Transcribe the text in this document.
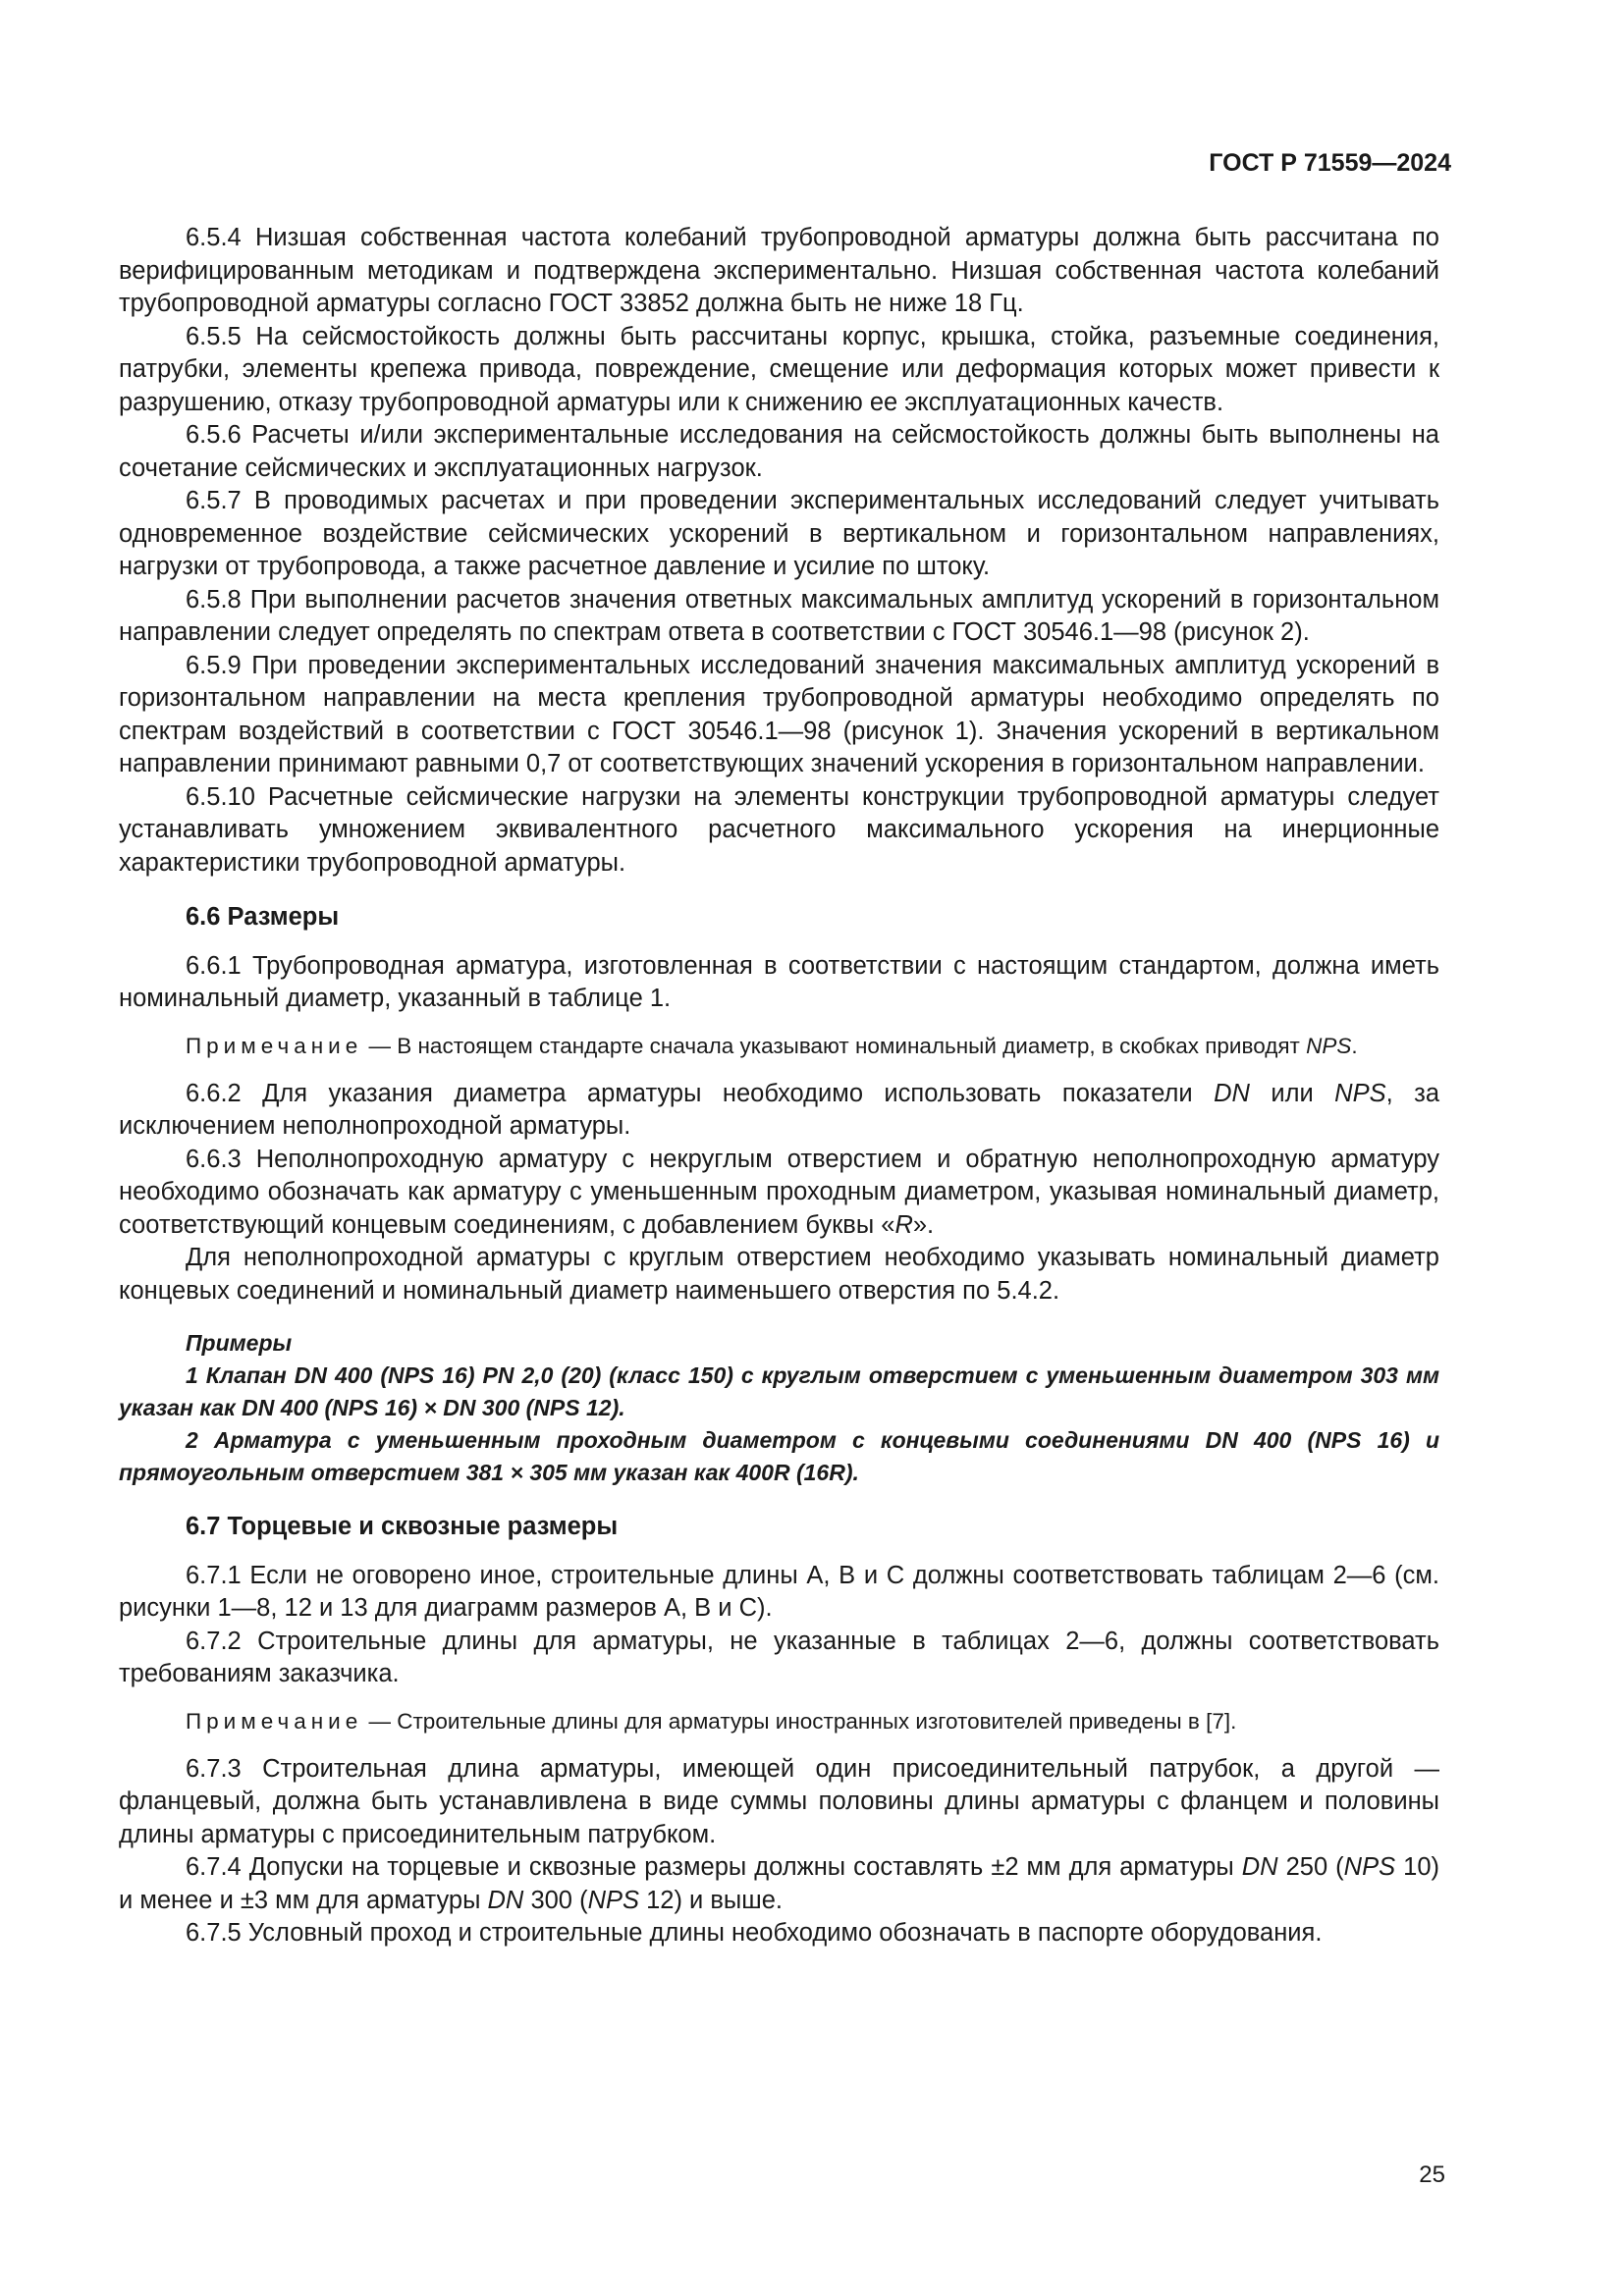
ГОСТ Р 71559—2024

6.5.4 Низшая собственная частота колебаний трубопроводной арматуры должна быть рассчитана по верифицированным методикам и подтверждена экспериментально. Низшая собственная частота колебаний трубопроводной арматуры согласно ГОСТ 33852 должна быть не ниже 18 Гц.

6.5.5 На сейсмостойкость должны быть рассчитаны корпус, крышка, стойка, разъемные соединения, патрубки, элементы крепежа привода, повреждение, смещение или деформация которых может привести к разрушению, отказу трубопроводной арматуры или к снижению ее эксплуатационных качеств.

6.5.6 Расчеты и/или экспериментальные исследования на сейсмостойкость должны быть выполнены на сочетание сейсмических и эксплуатационных нагрузок.

6.5.7 В проводимых расчетах и при проведении экспериментальных исследований следует учитывать одновременное воздействие сейсмических ускорений в вертикальном и горизонтальном направлениях, нагрузки от трубопровода, а также расчетное давление и усилие по штоку.

6.5.8 При выполнении расчетов значения ответных максимальных амплитуд ускорений в горизонтальном направлении следует определять по спектрам ответа в соответствии с ГОСТ 30546.1—98 (рисунок 2).

6.5.9 При проведении экспериментальных исследований значения максимальных амплитуд ускорений в горизонтальном направлении на места крепления трубопроводной арматуры необходимо определять по спектрам воздействий в соответствии с ГОСТ 30546.1—98 (рисунок 1). Значения ускорений в вертикальном направлении принимают равными 0,7 от соответствующих значений ускорения в горизонтальном направлении.

6.5.10 Расчетные сейсмические нагрузки на элементы конструкции трубопроводной арматуры следует устанавливать умножением эквивалентного расчетного максимального ускорения на инерционные характеристики трубопроводной арматуры.

6.6 Размеры

6.6.1 Трубопроводная арматура, изготовленная в соответствии с настоящим стандартом, должна иметь номинальный диаметр, указанный в таблице 1.

Примечание — В настоящем стандарте сначала указывают номинальный диаметр, в скобках приводят NPS.

6.6.2 Для указания диаметра арматуры необходимо использовать показатели DN или NPS, за исключением неполнопроходной арматуры.

6.6.3 Неполнопроходную арматуру с некруглым отверстием и обратную неполнопроходную арматуру необходимо обозначать как арматуру с уменьшенным проходным диаметром, указывая номинальный диаметр, соответствующий концевым соединениям, с добавлением буквы «R».

Для неполнопроходной арматуры с круглым отверстием необходимо указывать номинальный диаметр концевых соединений и номинальный диаметр наименьшего отверстия по 5.4.2.

Примеры

1 Клапан DN 400 (NPS 16) PN 2,0 (20) (класс 150) с круглым отверстием с уменьшенным диаметром 303 мм указан как DN 400 (NPS 16) × DN 300 (NPS 12).

2 Арматура с уменьшенным проходным диаметром с концевыми соединениями DN 400 (NPS 16) и прямоугольным отверстием 381 × 305 мм указан как 400R (16R).

6.7 Торцевые и сквозные размеры

6.7.1 Если не оговорено иное, строительные длины А, В и С должны соответствовать таблицам 2—6 (см. рисунки 1—8, 12 и 13 для диаграмм размеров А, В и С).

6.7.2 Строительные длины для арматуры, не указанные в таблицах 2—6, должны соответствовать требованиям заказчика.

Примечание — Строительные длины для арматуры иностранных изготовителей приведены в [7].

6.7.3 Строительная длина арматуры, имеющей один присоединительный патрубок, а другой — фланцевый, должна быть устанавливлена в виде суммы половины длины арматуры с фланцем и половины длины арматуры с присоединительным патрубком.

6.7.4 Допуски на торцевые и сквозные размеры должны составлять ±2 мм для арматуры DN 250 (NPS 10) и менее и ±3 мм для арматуры DN 300 (NPS 12) и выше.

6.7.5 Условный проход и строительные длины необходимо обозначать в паспорте оборудования.

25
